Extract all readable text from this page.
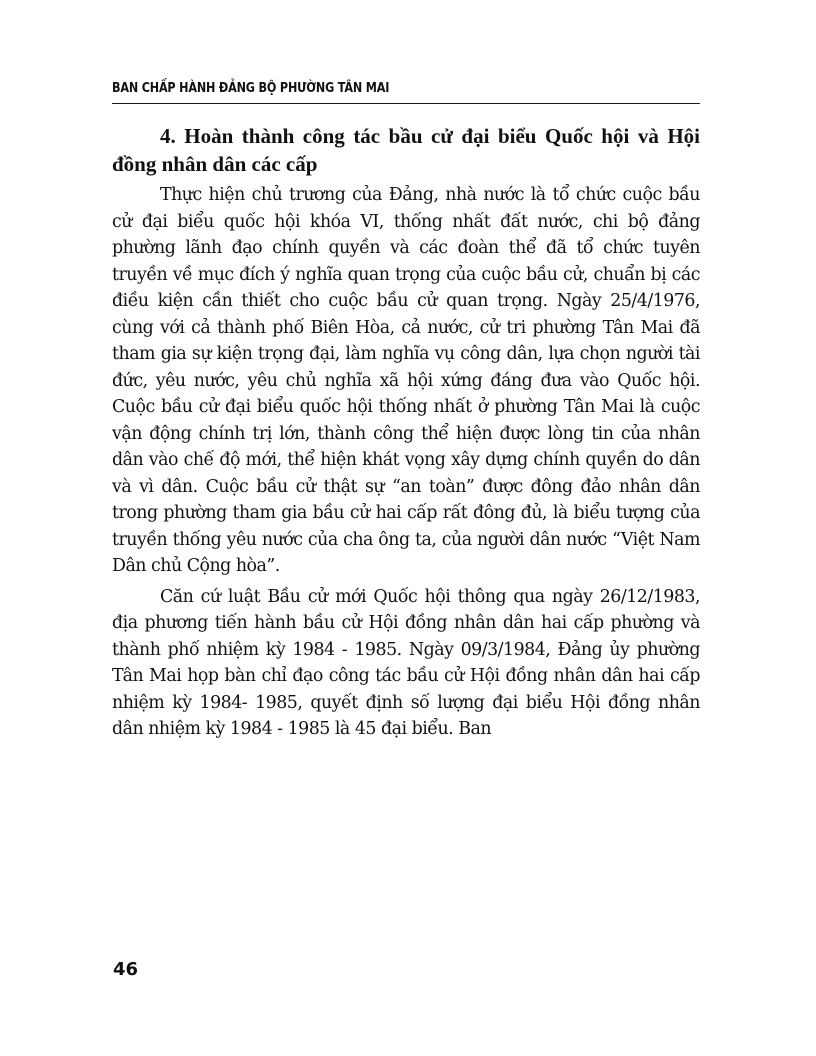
BAN CHẤP HÀNH ĐẢNG BỘ PHƯỜNG TÂN MAI
4. Hoàn thành công tác bầu cử đại biểu Quốc hội và Hội đồng nhân dân các cấp

Thực hiện chủ trương của Đảng, nhà nước là tổ chức cuộc bầu cử đại biểu quốc hội khóa VI, thống nhất đất nước, chi bộ đảng phường lãnh đạo chính quyền và các đoàn thể đã tổ chức tuyên truyền về mục đích ý nghĩa quan trọng của cuộc bầu cử, chuẩn bị các điều kiện cần thiết cho cuộc bầu cử quan trọng. Ngày 25/4/1976, cùng với cả thành phố Biên Hòa, cả nước, cử tri phường Tân Mai đã tham gia sự kiện trọng đại, làm nghĩa vụ công dân, lựa chọn người tài đức, yêu nước, yêu chủ nghĩa xã hội xứng đáng đưa vào Quốc hội. Cuộc bầu cử đại biểu quốc hội thống nhất ở phường Tân Mai là cuộc vận động chính trị lớn, thành công thể hiện được lòng tin của nhân dân vào chế độ mới, thể hiện khát vọng xây dựng chính quyền do dân và vì dân. Cuộc bầu cử thật sự “an toàn” được đông đảo nhân dân trong phường tham gia bầu cử hai cấp rất đông đủ, là biểu tượng của truyền thống yêu nước của cha ông ta, của người dân nước “Việt Nam Dân chủ Cộng hòa”.

Căn cứ luật Bầu cử mới Quốc hội thông qua ngày 26/12/1983, địa phương tiến hành bầu cử Hội đồng nhân dân hai cấp phường và thành phố nhiệm kỳ 1984 - 1985. Ngày 09/3/1984, Đảng ủy phường Tân Mai họp bàn chỉ đạo công tác bầu cử Hội đồng nhân dân hai cấp nhiệm kỳ 1984- 1985, quyết định số lượng đại biểu Hội đồng nhân dân nhiệm kỳ 1984 - 1985 là 45 đại biểu. Ban

46
